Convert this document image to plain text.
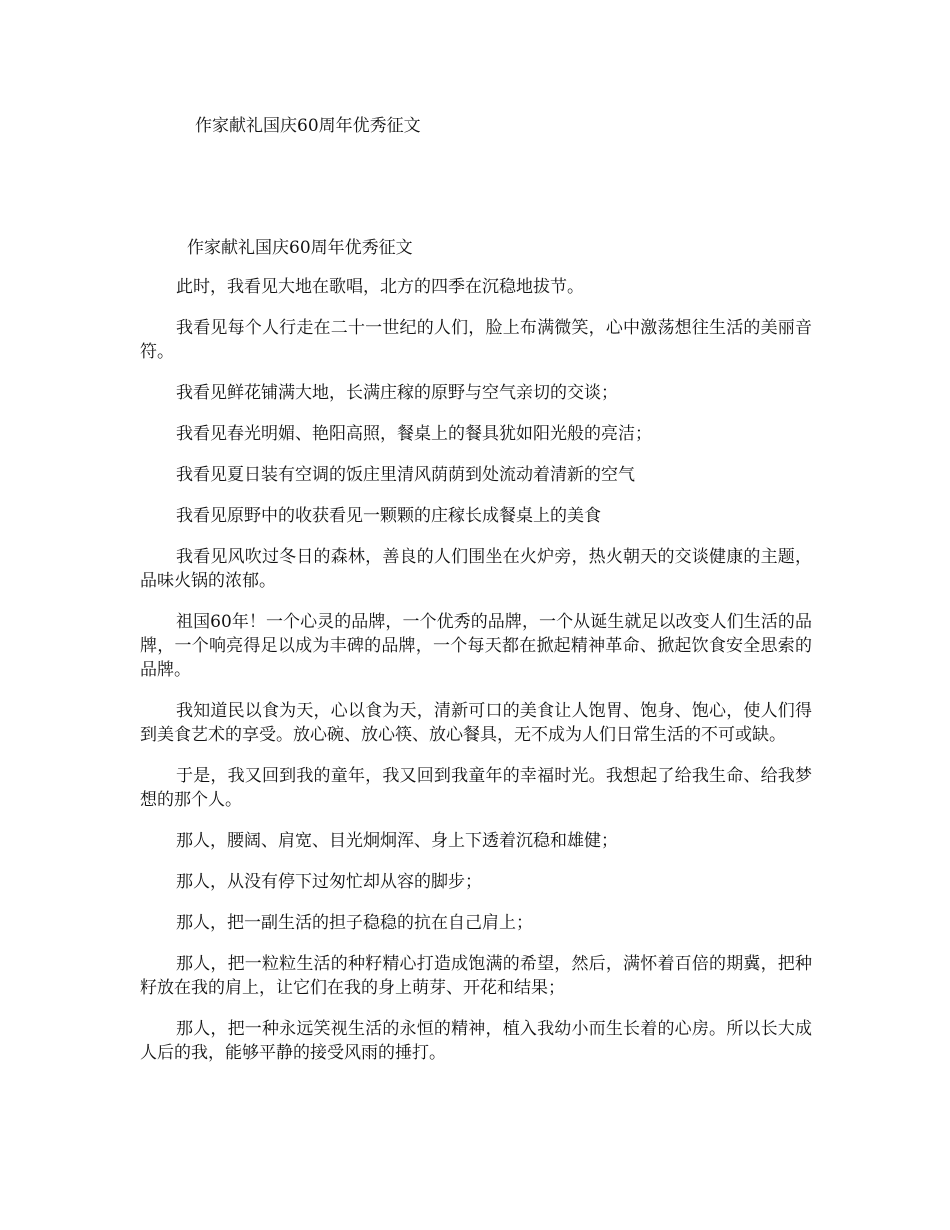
作家献礼国庆60周年优秀征文
作家献礼国庆60周年优秀征文

此时，我看见大地在歌唱，北方的四季在沉稳地拔节。

我看见每个人行走在二十一世纪的人们，脸上布满微笑，心中激荡想往生活的美丽音符。

我看见鲜花铺满大地，长满庄稼的原野与空气亲切的交谈；

我看见春光明媚、艳阳高照，餐桌上的餐具犹如阳光般的亮洁；

我看见夏日装有空调的饭庄里清风荫荫到处流动着清新的空气

我看见原野中的收获看见一颗颗的庄稼长成餐桌上的美食

我看见风吹过冬日的森林，善良的人们围坐在火炉旁，热火朝天的交谈健康的主题，品味火锅的浓郁。

祖国60年！一个心灵的品牌，一个优秀的品牌，一个从诞生就足以改变人们生活的品牌，一个响亮得足以成为丰碑的品牌，一个每天都在掀起精神革命、掀起饮食安全思索的品牌。

我知道民以食为天，心以食为天，清新可口的美食让人饱胃、饱身、饱心，使人们得到美食艺术的享受。放心碗、放心筷、放心餐具，无不成为人们日常生活的不可或缺。

于是，我又回到我的童年，我又回到我童年的幸福时光。我想起了给我生命、给我梦想的那个人。

那人，腰阔、肩宽、目光炯炯浑、身上下透着沉稳和雄健；

那人，从没有停下过匆忙却从容的脚步；

那人，把一副生活的担子稳稳的抗在自己肩上；

那人，把一粒粒生活的种籽精心打造成饱满的希望，然后，满怀着百倍的期冀，把种籽放在我的肩上，让它们在我的身上萌芽、开花和结果；

那人，把一种永远笑视生活的永恒的精神，植入我幼小而生长着的心房。所以长大成人后的我，能够平静的接受风雨的捶打。
